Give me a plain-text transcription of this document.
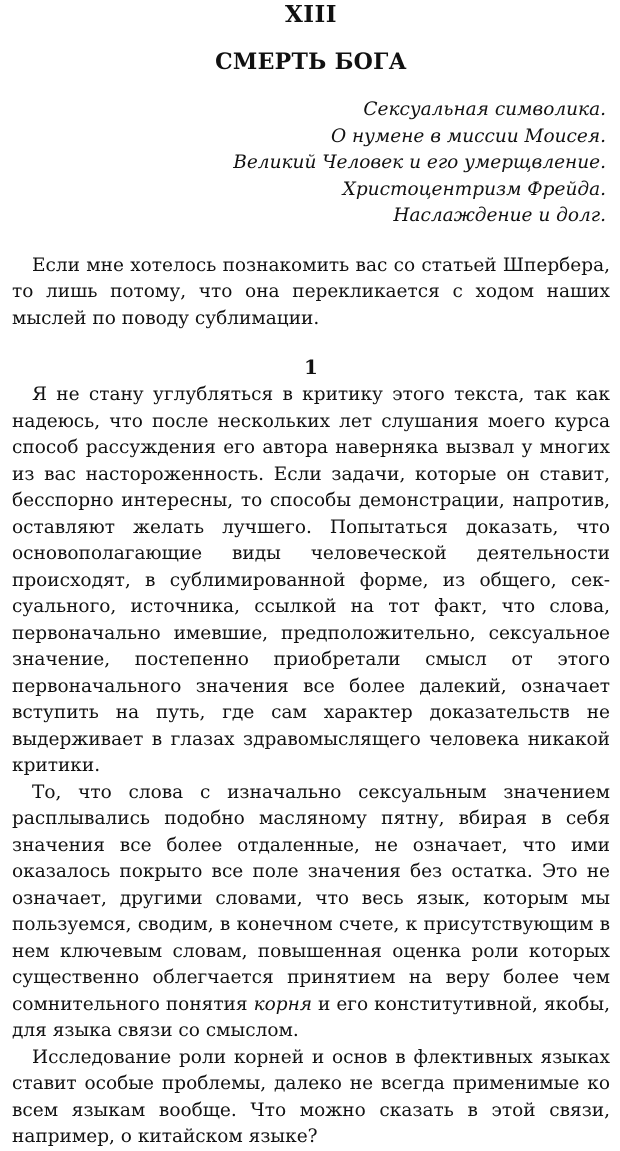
XIII
СМЕРТЬ БОГА
Сексуальная символика.
О нумене в миссии Моисея.
Великий Человек и его умерщвление.
Христоцентризм Фрейда.
Наслаждение и долг.

Если мне хотелось познакомить вас со статьей Шпербера, то лишь потому, что она перекликается с ходом наших мыслей по поводу сублимации.

1

Я не стану углубляться в критику этого текста, так как надеюсь, что после нескольких лет слушания моего курса способ рассуждения его автора наверняка вызвал у многих из вас настороженность. Если задачи, которые он ставит, бесспорно интересны, то способы демонстрации, напротив, оставляют желать лучшего. Попытаться доказать, что основополагающие виды человеческой деятельности происходят, в сублимированной форме, из общего, сексуального, источника, ссылкой на тот факт, что слова, первоначально имевшие, предположительно, сексуальное значение, постепенно приобретали смысл от этого первоначального значения все более далекий, означает вступить на путь, где сам характер доказательств не выдерживает в глазах здравомыслящего человека никакой критики.

То, что слова с изначально сексуальным значением расплывались подобно масляному пятну, вбирая в себя значения все более отдаленные, не означает, что ими оказалось покрыто все поле значения без остатка. Это не означает, другими словами, что весь язык, которым мы пользуемся, сводим, в конечном счете, к присутствующим в нем ключевым словам, повышенная оценка роли которых существенно облегчается принятием на веру более чем сомнительного понятия корня и его конститутивной, якобы, для языка связи со смыслом.

Исследование роли корней и основ в флективных языках ставит особые проблемы, далеко не всегда применимые ко всем языкам вообще. Что можно сказать в этой связи, например, о китайском языке?
